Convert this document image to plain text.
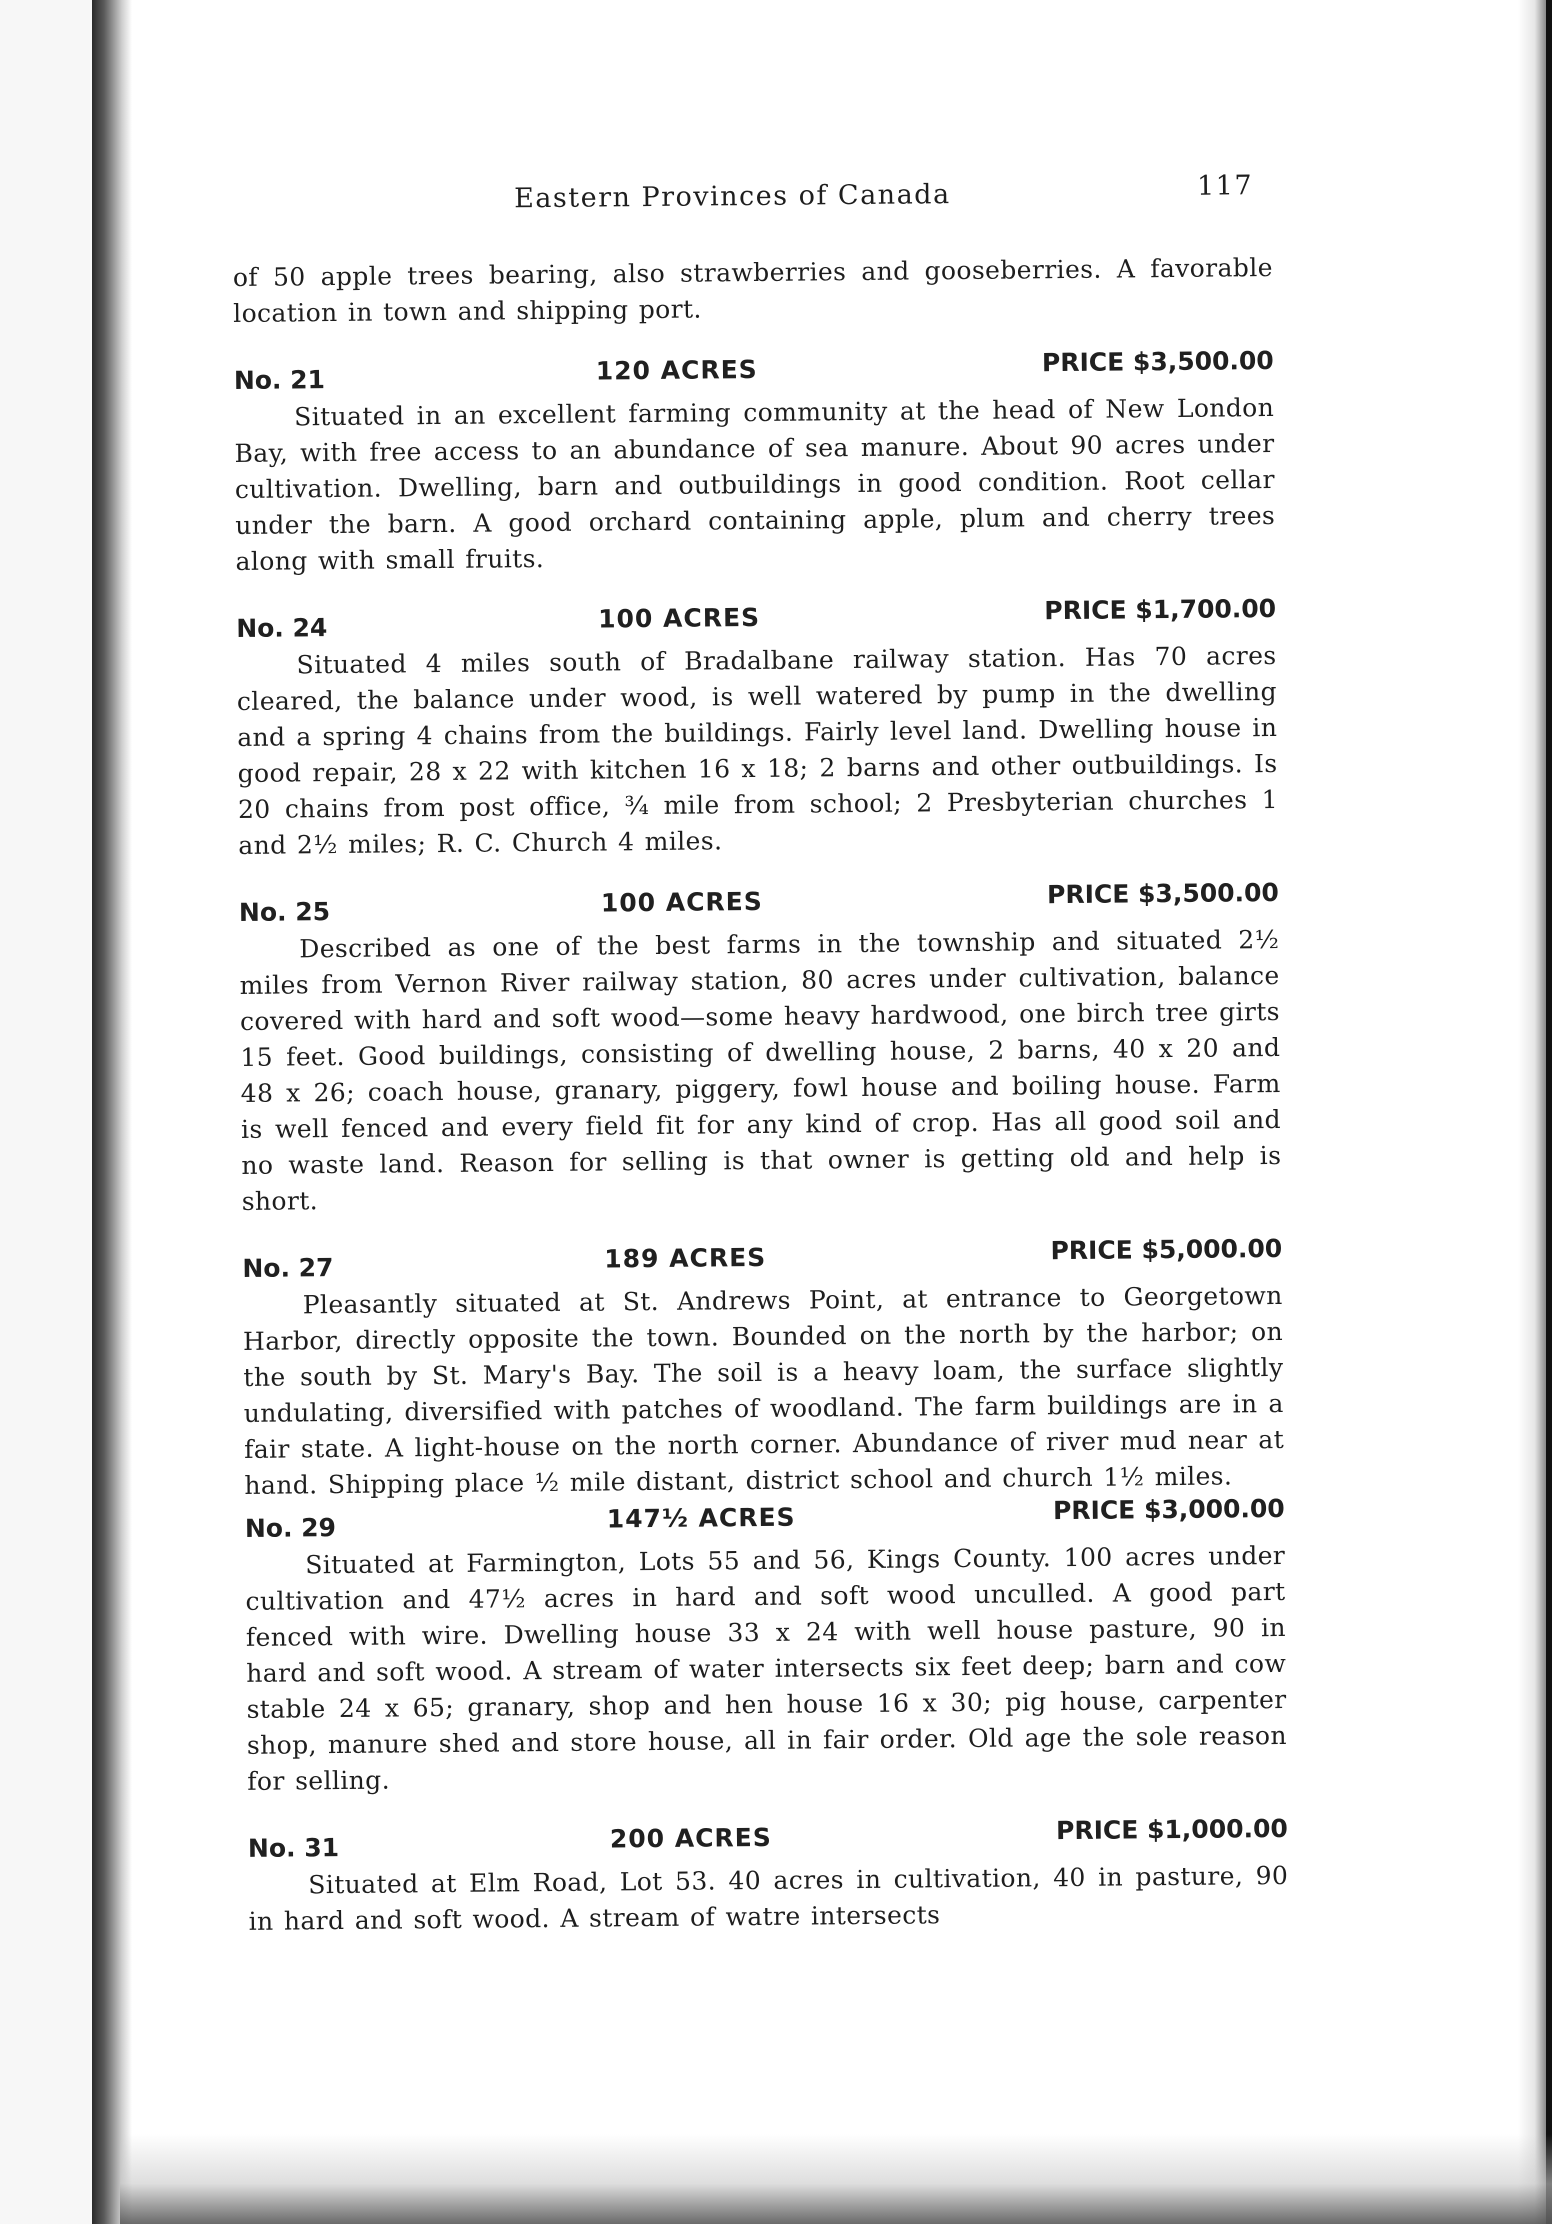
Eastern Provinces of Canada	117

of 50 apple trees bearing, also strawberries and gooseberries. A favorable location in town and shipping port.

No. 21	120 ACRES	PRICE $3,500.00

Situated in an excellent farming community at the head of New London Bay, with free access to an abundance of sea manure. About 90 acres under cultivation. Dwelling, barn and outbuildings in good condition. Root cellar under the barn. A good orchard containing apple, plum and cherry trees along with small fruits.

No. 24	100 ACRES	PRICE $1,700.00

Situated 4 miles south of Bradalbane railway station. Has 70 acres cleared, the balance under wood, is well watered by pump in the dwelling and a spring 4 chains from the buildings. Fairly level land. Dwelling house in good repair, 28 x 22 with kitchen 16 x 18; 2 barns and other outbuildings. Is 20 chains from post office, ¾ mile from school; 2 Presbyterian churches 1 and 2½ miles; R. C. Church 4 miles.

No. 25	100 ACRES	PRICE $3,500.00

Described as one of the best farms in the township and situated 2½ miles from Vernon River railway station, 80 acres under cultivation, balance covered with hard and soft wood—some heavy hardwood, one birch tree girts 15 feet. Good buildings, consisting of dwelling house, 2 barns, 40 x 20 and 48 x 26; coach house, granary, piggery, fowl house and boiling house. Farm is well fenced and every field fit for any kind of crop. Has all good soil and no waste land. Reason for selling is that owner is getting old and help is short.

No. 27	189 ACRES	PRICE $5,000.00

Pleasantly situated at St. Andrews Point, at entrance to Georgetown Harbor, directly opposite the town. Bounded on the north by the harbor; on the south by St. Mary's Bay. The soil is a heavy loam, the surface slightly undulating, diversified with patches of woodland. The farm buildings are in a fair state. A light-house on the north corner. Abundance of river mud near at hand. Shipping place ½ mile distant, district school and church 1½ miles.

No. 29	147½ ACRES	PRICE $3,000.00

Situated at Farmington, Lots 55 and 56, Kings County. 100 acres under cultivation and 47½ acres in hard and soft wood unculled. A good part fenced with wire. Dwelling house 33 x 24 with well house pasture, 90 in hard and soft wood. A stream of water intersects six feet deep; barn and cow stable 24 x 65; granary, shop and hen house 16 x 30; pig house, carpenter shop, manure shed and store house, all in fair order. Old age the sole reason for selling.

No. 31	200 ACRES	PRICE $1,000.00

Situated at Elm Road, Lot 53. 40 acres in cultivation, 40 in pasture, 90 in hard and soft wood. A stream of watre intersects
